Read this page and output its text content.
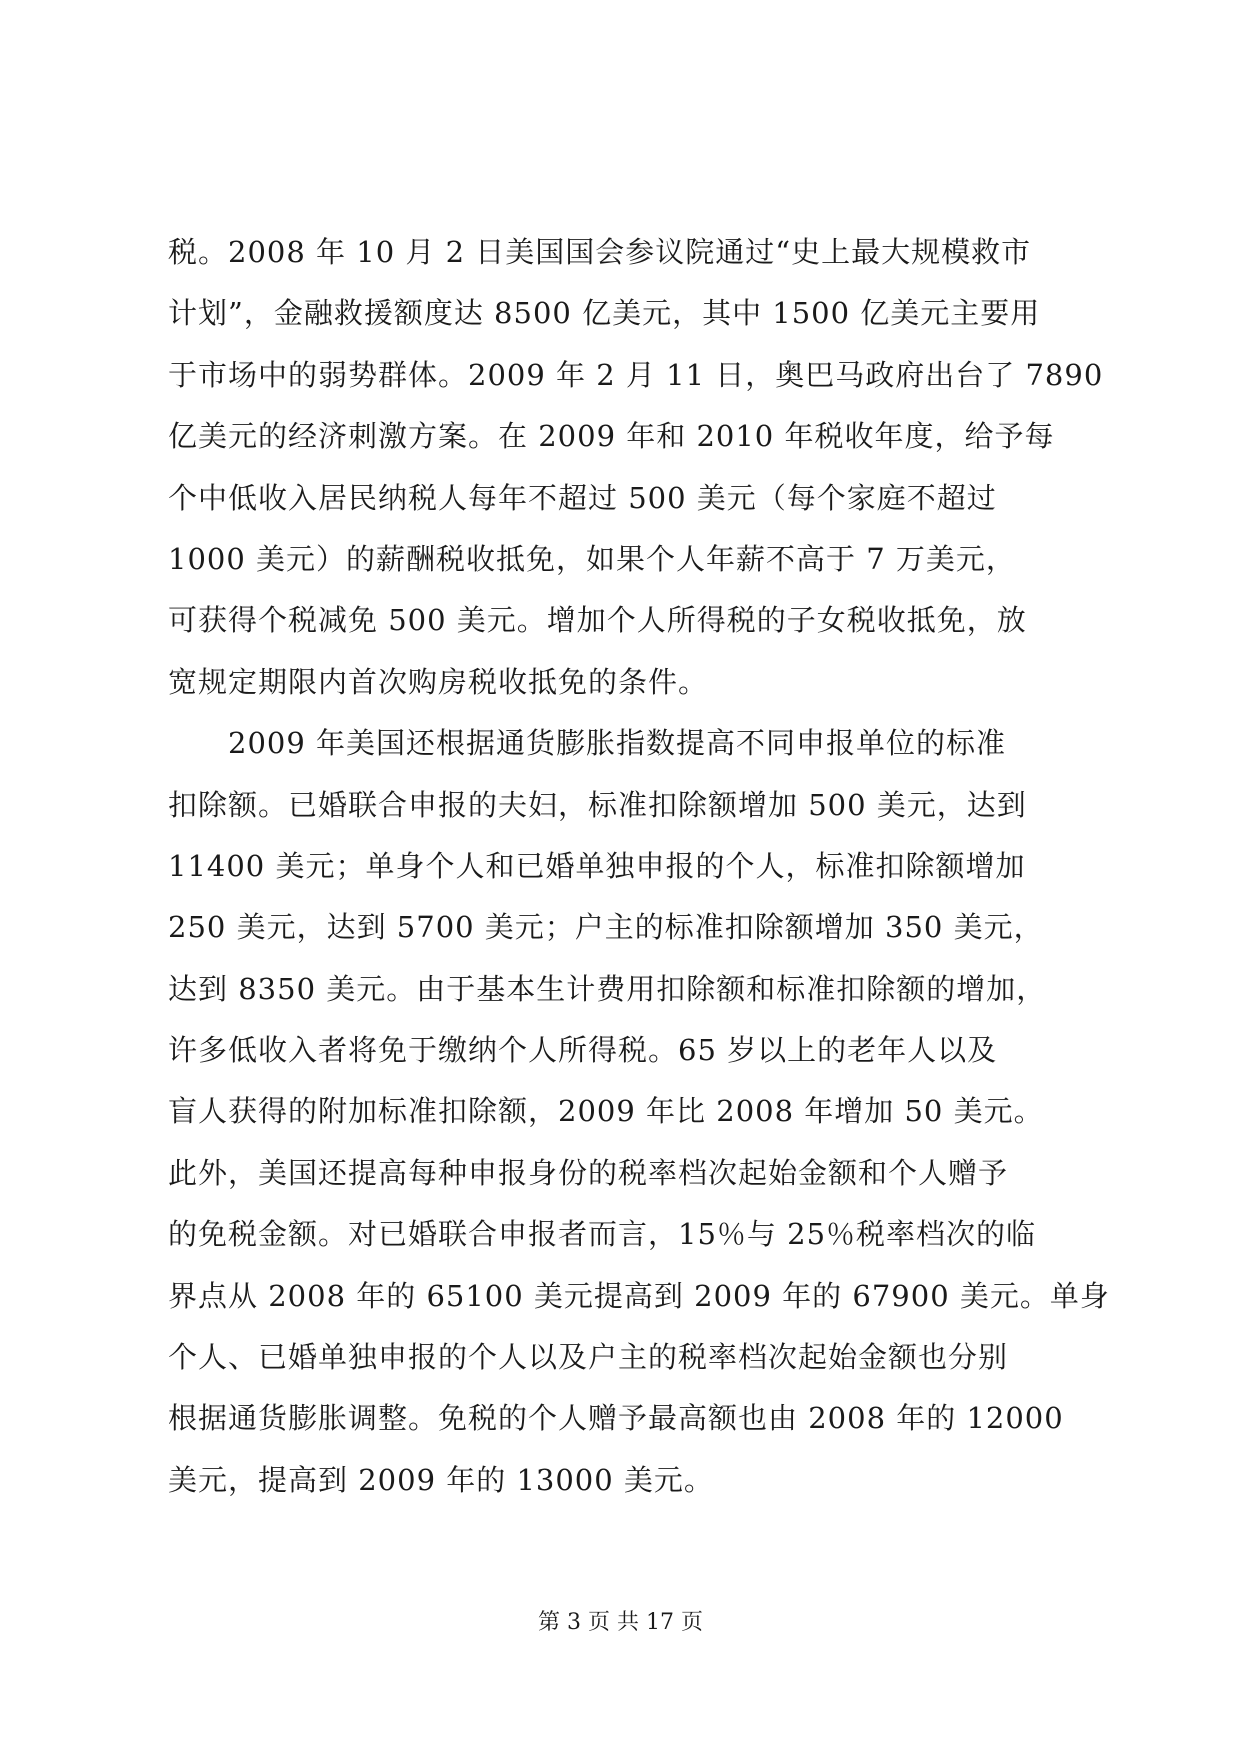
税。2008 年 10 月 2 日美国国会参议院通过“史上最大规模救市
计划”，金融救援额度达 8500 亿美元，其中 1500 亿美元主要用
于市场中的弱势群体。2009 年 2 月 11 日，奥巴马政府出台了 7890
亿美元的经济刺激方案。在 2009 年和 2010 年税收年度，给予每
个中低收入居民纳税人每年不超过 500 美元（每个家庭不超过
1000 美元）的薪酬税收抵免，如果个人年薪不高于 7 万美元，
可获得个税减免 500 美元。增加个人所得税的子女税收抵免，放
宽规定期限内首次购房税收抵免的条件。
　　2009 年美国还根据通货膨胀指数提高不同申报单位的标准
扣除额。已婚联合申报的夫妇，标准扣除额增加 500 美元，达到
11400 美元；单身个人和已婚单独申报的个人，标准扣除额增加
250 美元，达到 5700 美元；户主的标准扣除额增加 350 美元，
达到 8350 美元。由于基本生计费用扣除额和标准扣除额的增加，
许多低收入者将免于缴纳个人所得税。65 岁以上的老年人以及
盲人获得的附加标准扣除额，2009 年比 2008 年增加 50 美元。
此外，美国还提高每种申报身份的税率档次起始金额和个人赠予
的免税金额。对已婚联合申报者而言，15％与 25％税率档次的临
界点从 2008 年的 65100 美元提高到 2009 年的 67900 美元。单身
个人、已婚单独申报的个人以及户主的税率档次起始金额也分别
根据通货膨胀调整。免税的个人赠予最高额也由 2008 年的 12000
美元，提高到 2009 年的 13000 美元。
第 3 页 共 17 页
